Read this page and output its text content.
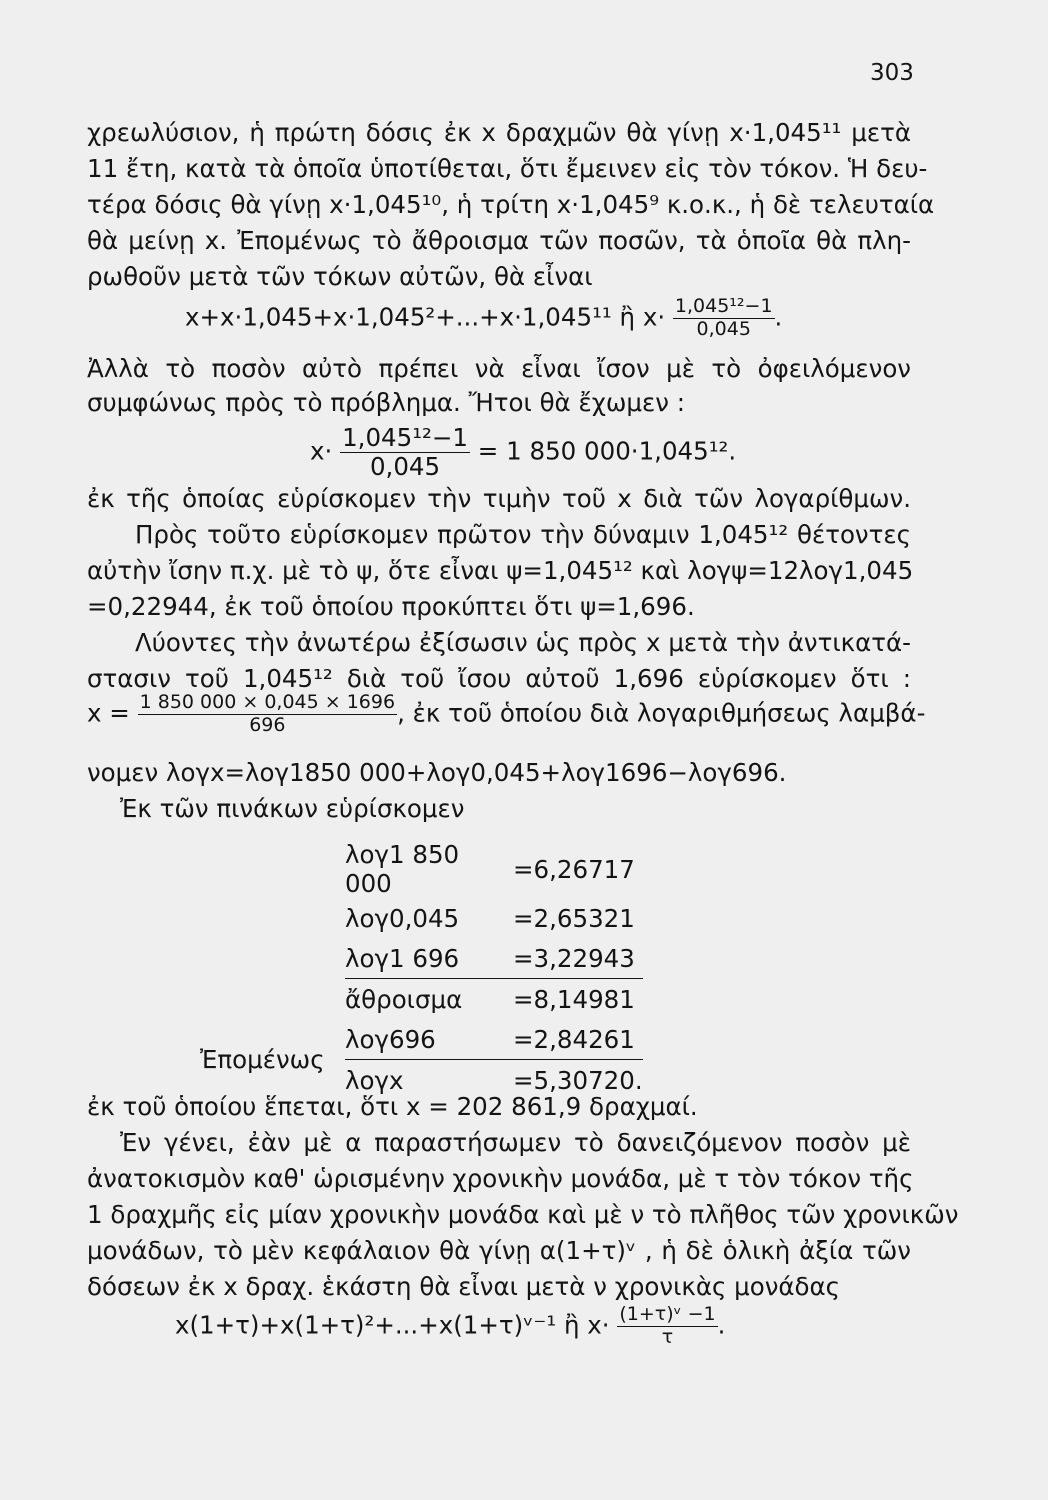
303

χρεωλύσιον, ἡ πρώτη δόσις ἐκ x δραχμῶν θὰ γίνῃ x·1,045¹¹ μετὰ

11 ἔτη, κατὰ τὰ ὁποῖα ὑποτίθεται, ὅτι ἔμεινεν εἰς τὸν τόκον. Ἡ δευ-

τέρα δόσις θὰ γίνῃ x·1,045¹⁰, ἡ τρίτη x·1,045⁹ κ.ο.κ., ἡ δὲ τελευταία

θὰ μείνῃ x. Ἐπομένως τὸ ἄθροισμα τῶν ποσῶν, τὰ ὁποῖα θὰ πλη-

ρωθοῦν μετὰ τῶν τόκων αὐτῶν, θὰ εἶναι

x+x·1,045+x·1,045²+...+x·1,045¹¹ ἢ $x\cdot \frac{\text{1,045¹²−1}}{0,045}$ .

Ἀλλὰ τὸ ποσὸν αὐτὸ πρέπει νὰ εἶναι ἴσον μὲ τὸ ὀφειλόμενον

συμφώνως πρὸς τὸ πρόβλημα. Ἤτοι θὰ ἔχωμεν :

$x\cdot \frac{\text{1,045¹²−1}}{0,045} = 1$ 850 000·1,045¹².

ἐκ τῆς ὁποίας εὑρίσκομεν τὴν τιμὴν τοῦ x διὰ τῶν λογαρίθμων.

Πρὸς τοῦτο εὑρίσκομεν πρῶτον τὴν δύναμιν 1,045¹² θέτοντες

αὐτὴν ἴσην π.χ. μὲ τὸ ψ, ὅτε εἶναι ψ=1,045¹² καὶ λογψ=12λογ1,045

=0,22944, ἐκ τοῦ ὁποίου προκύπτει ὅτι ψ=1,696.

Λύοντες τὴν ἀνωτέρω ἐξίσωσιν ὡς πρὸς x μετὰ τὴν ἀντικατά-

στασιν τοῦ 1,045¹² διὰ τοῦ ἴσου αὐτοῦ 1,696 εὑρίσκομεν ὅτι :

$x = \frac{1 850 000 \times 0,045 \times 1696}{696}$ , ἐκ τοῦ ὁποίου διὰ λογαριθμήσεως λαμβά-

νομεν λογx=λογ1850 000+λογ0,045+λογ1696−λογ696.

Ἐκ τῶν πινάκων εὑρίσκομεν

Ἐπομένως
λογ1 850 000	=6,26717
λογ0,045	=2,65321
λογ1 696	=3,22943
ἄθροισμα	=8,14981
λογ696	=2,84261
λογx	=5,30720.

ἐκ τοῦ ὁποίου ἕπεται, ὅτι x = 202 861,9 δραχμαί.

Ἐν γένει, ἐὰν μὲ α παραστήσωμεν τὸ δανειζόμενον ποσὸν μὲ

ἀνατοκισμὸν καθ' ὡρισμένην χρονικὴν μονάδα, μὲ τ τὸν τόκον τῆς

1 δραχμῆς εἰς μίαν χρονικὴν μονάδα καὶ μὲ ν τὸ πλῆθος τῶν χρονικῶν

μονάδων, τὸ μὲν κεφάλαιον θὰ γίνῃ α(1+τ)ᵛ , ἡ δὲ ὁλικὴ ἀξία τῶν

δόσεων ἐκ x δραχ. ἑκάστη θὰ εἶναι μετὰ ν χρονικὰς μονάδας

x(1+τ)+x(1+τ)²+...+x(1+τ)ᵛ⁻¹ ἢ $x\cdot \frac{\text{(1+τ)ᵛ −1}}{\tau}$ .
